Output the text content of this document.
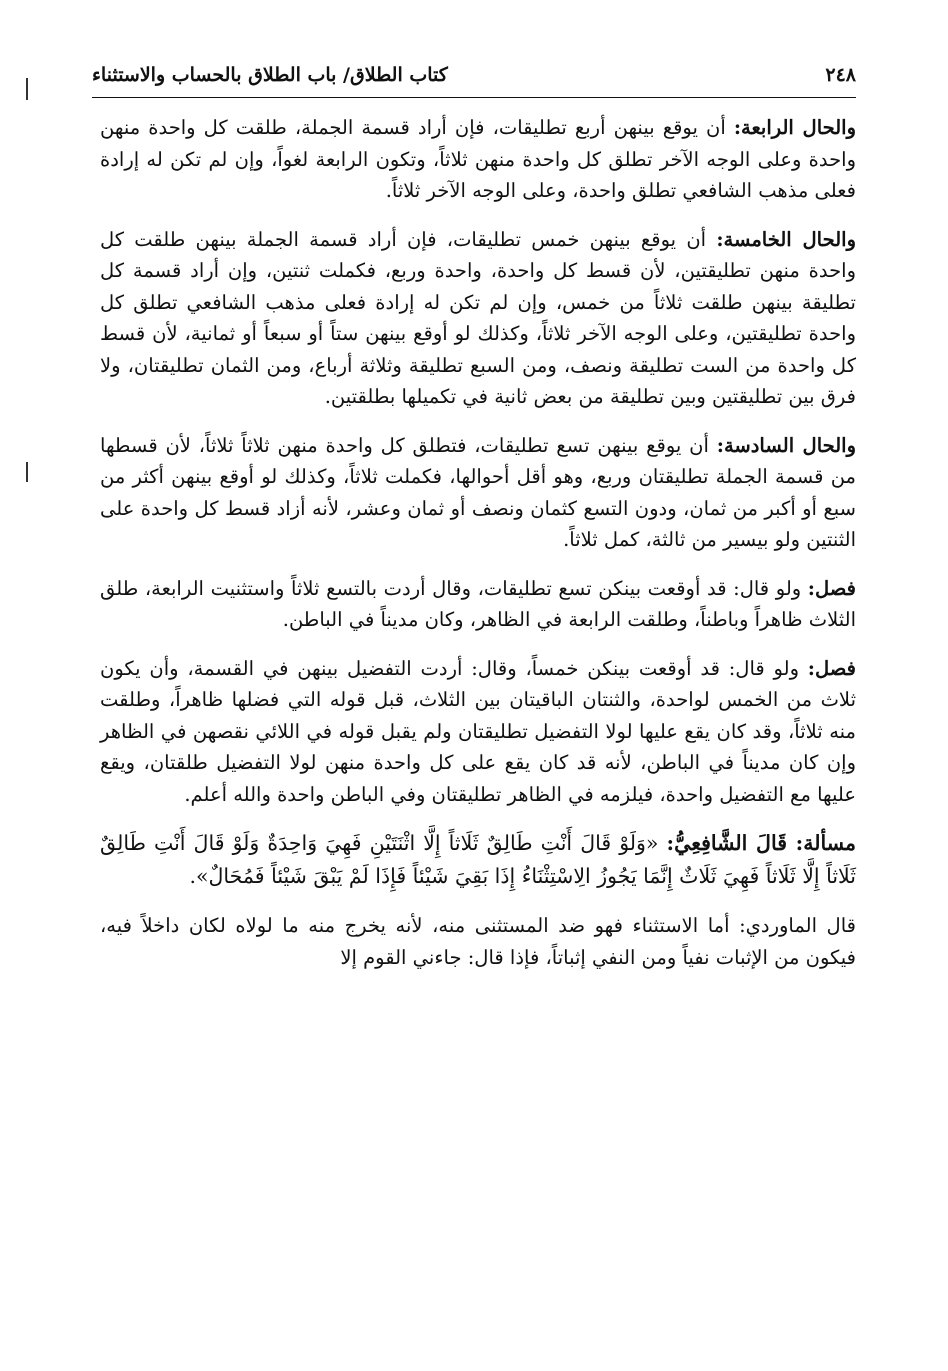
٢٤٨
كتاب الطلاق/ باب الطلاق بالحساب والاستثناء

والحال الرابعة: أن يوقع بينهن أربع تطليقات، فإن أراد قسمة الجملة، طلقت كل واحدة منهن واحدة وعلى الوجه الآخر تطلق كل واحدة منهن ثلاثاً، وتكون الرابعة لغواً، وإن لم تكن له إرادة فعلى مذهب الشافعي تطلق واحدة، وعلى الوجه الآخر ثلاثاً.

والحال الخامسة: أن يوقع بينهن خمس تطليقات، فإن أراد قسمة الجملة بينهن طلقت كل واحدة منهن تطليقتين، لأن قسط كل واحدة، واحدة وربع، فكملت ثنتين، وإن أراد قسمة كل تطليقة بينهن طلقت ثلاثاً من خمس، وإن لم تكن له إرادة فعلى مذهب الشافعي تطلق كل واحدة تطليقتين، وعلى الوجه الآخر ثلاثاً، وكذلك لو أوقع بينهن ستاً أو سبعاً أو ثمانية، لأن قسط كل واحدة من الست تطليقة ونصف، ومن السبع تطليقة وثلاثة أرباع، ومن الثمان تطليقتان، ولا فرق بين تطليقتين وبين تطليقة من بعض ثانية في تكميلها بطلقتين.

والحال السادسة: أن يوقع بينهن تسع تطليقات، فتطلق كل واحدة منهن ثلاثاً ثلاثاً، لأن قسطها من قسمة الجملة تطليقتان وربع، وهو أقل أحوالها، فكملت ثلاثاً، وكذلك لو أوقع بينهن أكثر من سبع أو أكبر من ثمان، ودون التسع كثمان ونصف أو ثمان وعشر، لأنه أزاد قسط كل واحدة على الثنتين ولو بيسير من ثالثة، كمل ثلاثاً.

فصل: ولو قال: قد أوقعت بينكن تسع تطليقات، وقال أردت بالتسع ثلاثاً واستثنيت الرابعة، طلق الثلاث ظاهراً وباطناً، وطلقت الرابعة في الظاهر، وكان مديناً في الباطن.

فصل: ولو قال: قد أوقعت بينكن خمساً، وقال: أردت التفضيل بينهن في القسمة، وأن يكون ثلاث من الخمس لواحدة، والثنتان الباقيتان بين الثلاث، قبل قوله التي فضلها ظاهراً، وطلقت منه ثلاثاً، وقد كان يقع عليها لولا التفضيل تطليقتان ولم يقبل قوله في اللائي نقصهن في الظاهر وإن كان مديناً في الباطن، لأنه قد كان يقع على كل واحدة منهن لولا التفضيل طلقتان، ويقع عليها مع التفضيل واحدة، فيلزمه في الظاهر تطليقتان وفي الباطن واحدة والله أعلم.

مسألة: قَالَ الشَّافِعِيُّ: «وَلَوْ قَالَ أَنْتِ طَالِقٌ ثَلَاثاً إِلَّا اثْنَتَيْنِ فَهِيَ وَاحِدَةٌ وَلَوْ قَالَ أَنْتِ طَالِقٌ ثَلَاثاً إِلَّا ثَلَاثاً فَهِيَ ثَلَاثٌ إِنَّمَا يَجُوزُ الِاسْتِثْنَاءُ إِذَا بَقِيَ شَيْئاً فَإِذَا لَمْ يَبْقَ شَيْئاً فَمُحَالٌ».

قال الماوردي: أما الاستثناء فهو ضد المستثنى منه، لأنه يخرج منه ما لولاه لكان داخلاً فيه، فيكون من الإثبات نفياً ومن النفي إثباتاً، فإذا قال: جاءني القوم إلا
